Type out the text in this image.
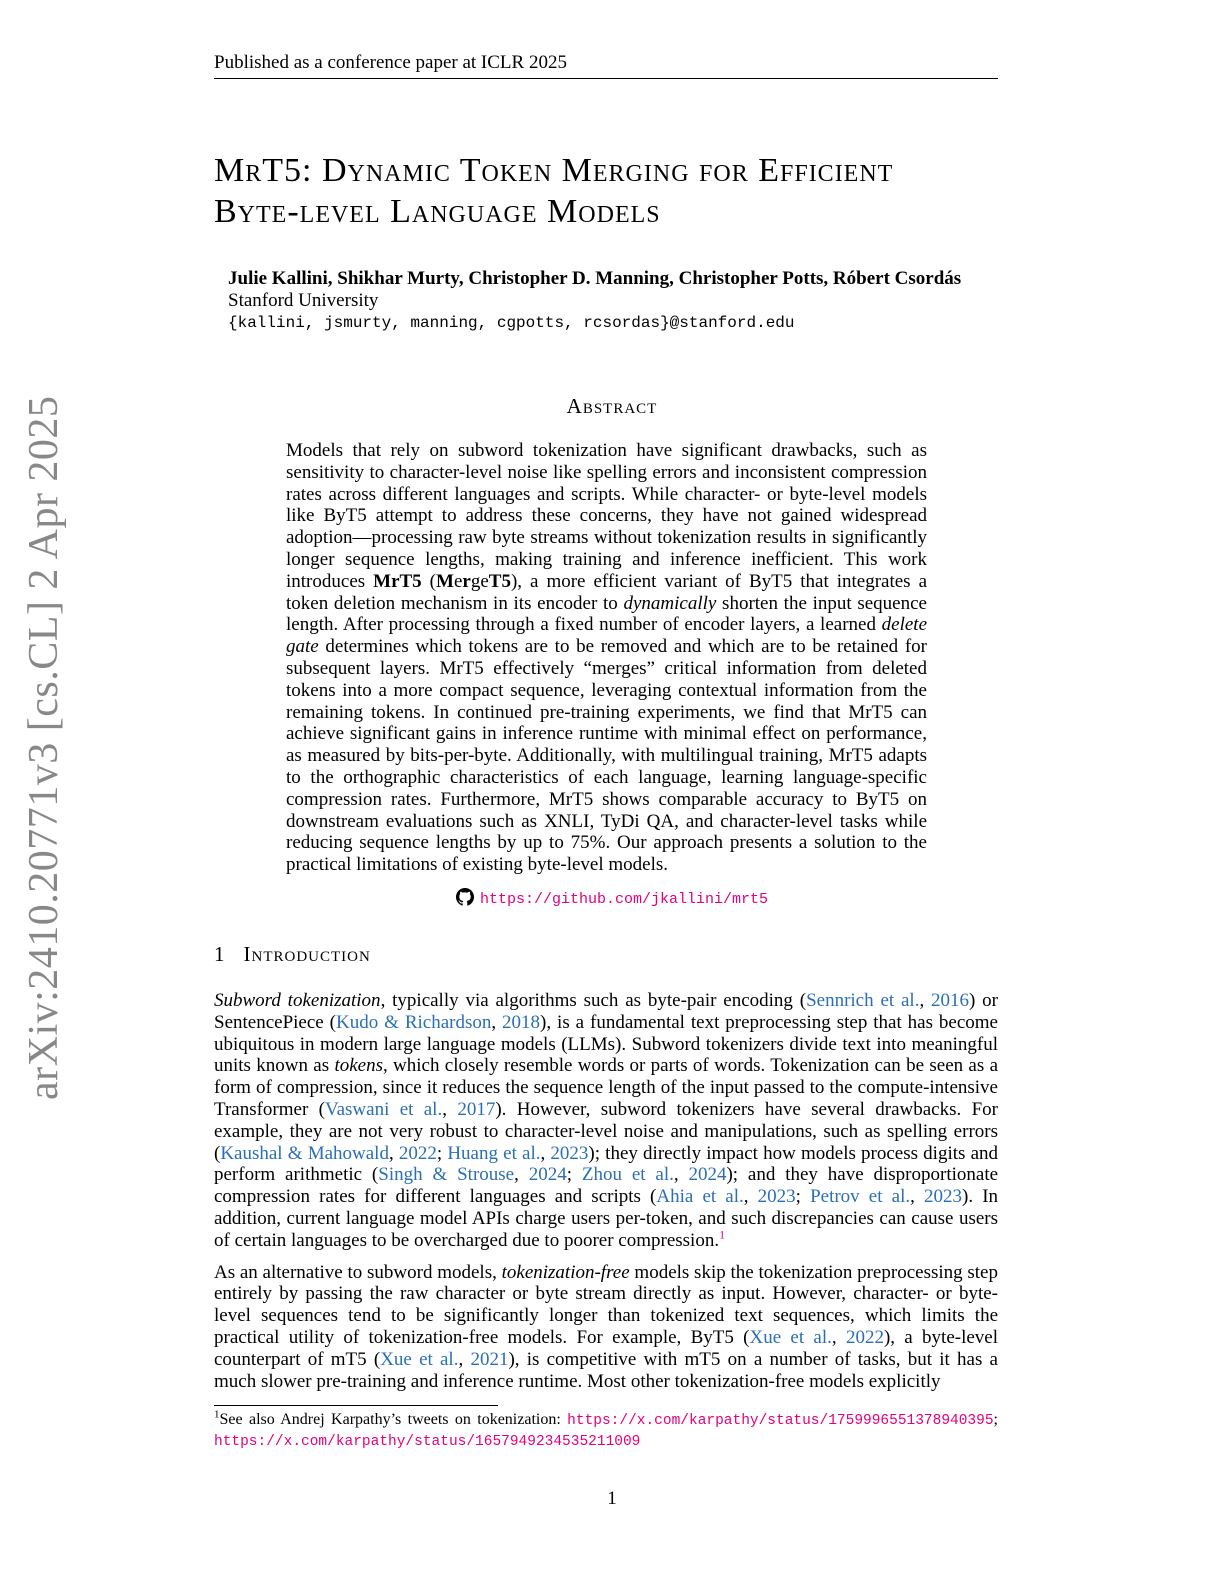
Published as a conference paper at ICLR 2025
arXiv:2410.20771v3 [cs.CL] 2 Apr 2025
MrT5: Dynamic Token Merging for Efficient
Byte-level Language Models
Julie Kallini, Shikhar Murty, Christopher D. Manning, Christopher Potts, Róbert Csordás
Stanford University
{kallini, jsmurty, manning, cgpotts, rcsordas}@stanford.edu
Abstract

Models that rely on subword tokenization have significant drawbacks, such as sensitivity to character-level noise like spelling errors and inconsistent compression rates across different languages and scripts. While character- or byte-level models like ByT5 attempt to address these concerns, they have not gained widespread adoption—processing raw byte streams without tokenization results in significantly longer sequence lengths, making training and inference inefficient. This work introduces MrT5 (MergeT5), a more efficient variant of ByT5 that integrates a token deletion mechanism in its encoder to dynamically shorten the input sequence length. After processing through a fixed number of encoder layers, a learned delete gate determines which tokens are to be removed and which are to be retained for subsequent layers. MrT5 effectively “merges” critical information from deleted tokens into a more compact sequence, leveraging contextual information from the remaining tokens. In continued pre-training experiments, we find that MrT5 can achieve significant gains in inference runtime with minimal effect on performance, as measured by bits-per-byte. Additionally, with multilingual training, MrT5 adapts to the orthographic characteristics of each language, learning language-specific compression rates. Furthermore, MrT5 shows comparable accuracy to ByT5 on downstream evaluations such as XNLI, TyDi QA, and character-level tasks while reducing sequence lengths by up to 75%. Our approach presents a solution to the practical limitations of existing byte-level models.

https://github.com/jkallini/mrt5
1 Introduction

Subword tokenization, typically via algorithms such as byte-pair encoding (Sennrich et al., 2016) or SentencePiece (Kudo & Richardson, 2018), is a fundamental text preprocessing step that has become ubiquitous in modern large language models (LLMs). Subword tokenizers divide text into meaningful units known as tokens, which closely resemble words or parts of words. Tokenization can be seen as a form of compression, since it reduces the sequence length of the input passed to the compute-intensive Transformer (Vaswani et al., 2017). However, subword tokenizers have several drawbacks. For example, they are not very robust to character-level noise and manipulations, such as spelling errors (Kaushal & Mahowald, 2022; Huang et al., 2023); they directly impact how models process digits and perform arithmetic (Singh & Strouse, 2024; Zhou et al., 2024); and they have disproportionate compression rates for different languages and scripts (Ahia et al., 2023; Petrov et al., 2023). In addition, current language model APIs charge users per-token, and such discrepancies can cause users of certain languages to be overcharged due to poorer compression.$^1$

As an alternative to subword models, tokenization-free models skip the tokenization preprocessing step entirely by passing the raw character or byte stream directly as input. However, character- or byte-level sequences tend to be significantly longer than tokenized text sequences, which limits the practical utility of tokenization-free models. For example, ByT5 (Xue et al., 2022), a byte-level counterpart of mT5 (Xue et al., 2021), is competitive with mT5 on a number of tasks, but it has a much slower pre-training and inference runtime. Most other tokenization-free models explicitly

$^1$See also Andrej Karpathy’s tweets on tokenization: https://x.com/karpathy/status/1759996551378940395; https://x.com/karpathy/status/1657949234535211009
1
